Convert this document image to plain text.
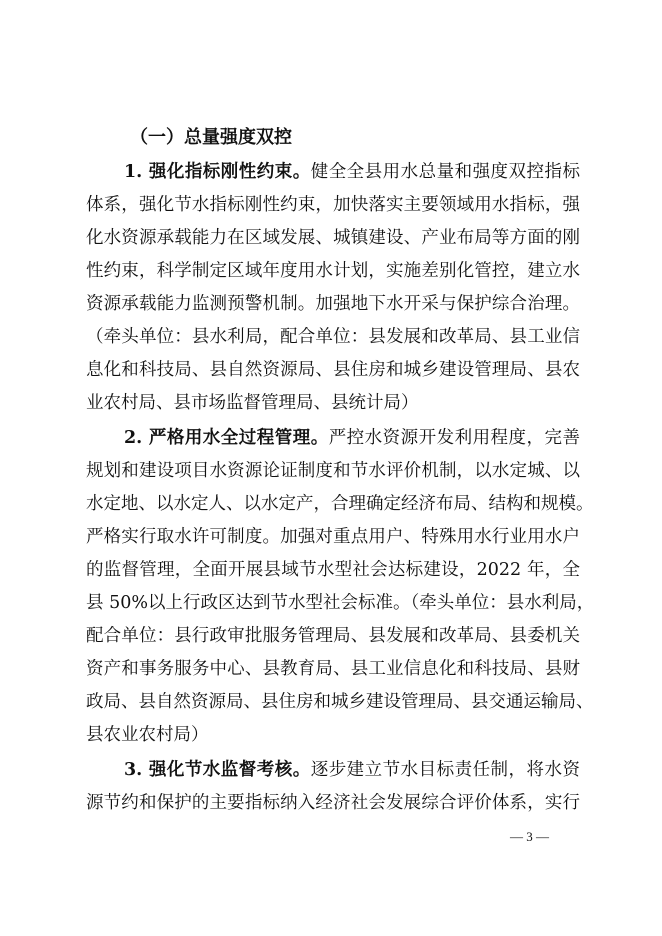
（一）总量强度双控
1. 强化指标刚性约束。健全全县用水总量和强度双控指标
体系，强化节水指标刚性约束，加快落实主要领域用水指标，强
化水资源承载能力在区域发展、城镇建设、产业布局等方面的刚
性约束，科学制定区域年度用水计划，实施差别化管控，建立水
资源承载能力监测预警机制。加强地下水开采与保护综合治理。
（牵头单位：县水利局，配合单位：县发展和改革局、县工业信
息化和科技局、县自然资源局、县住房和城乡建设管理局、县农
业农村局、县市场监督管理局、县统计局）
2. 严格用水全过程管理。严控水资源开发利用程度，完善
规划和建设项目水资源论证制度和节水评价机制，以水定城、以
水定地、以水定人、以水定产，合理确定经济布局、结构和规模。
严格实行取水许可制度。加强对重点用户、特殊用水行业用水户
的监督管理，全面开展县域节水型社会达标建设，2022 年，全
县 50%以上行政区达到节水型社会标准。（牵头单位：县水利局，
配合单位：县行政审批服务管理局、县发展和改革局、县委机关
资产和事务服务中心、县教育局、县工业信息化和科技局、县财
政局、县自然资源局、县住房和城乡建设管理局、县交通运输局、
县农业农村局）
3. 强化节水监督考核。逐步建立节水目标责任制，将水资
源节约和保护的主要指标纳入经济社会发展综合评价体系，实行
— 3 —
